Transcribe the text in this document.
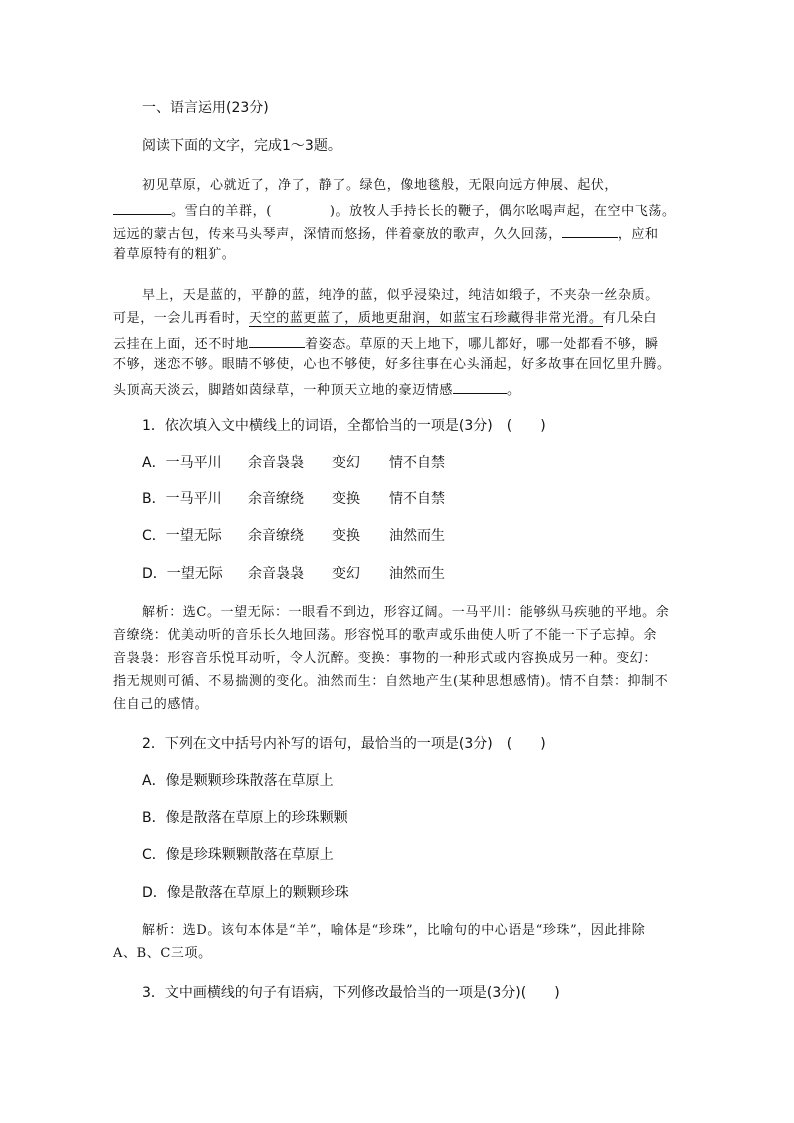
一、语言运用(23分)
阅读下面的文字，完成1～3题。
初见草原，心就近了，净了，静了。绿色，像地毯般，无限向远方伸展、起伏，
。雪白的羊群，(	)。放牧人手持长长的鞭子，偶尔吆喝声起，在空中飞荡。
远远的蒙古包，传来马头琴声，深情而悠扬，伴着豪放的歌声，久久回荡，	，应和
着草原特有的粗犷。
早上，天是蓝的，平静的蓝，纯净的蓝，似乎浸染过，纯洁如缎子，不夹杂一丝杂质。
可是，一会儿再看时，天空的蓝更蓝了，质地更甜润，如蓝宝石珍藏得非常光滑。有几朵白
云挂在上面，还不时地	着姿态。草原的天上地下，哪儿都好，哪一处都看不够，瞬
不够，迷恋不够。眼睛不够使，心也不够使，好多往事在心头涌起，好多故事在回忆里升腾。
头顶高天淡云，脚踏如茵绿草，一种顶天立地的豪迈情感	。
1．依次填入文中横线上的词语，全都恰当的一项是(3分)　(　　)
A．一马平川 余音袅袅 变幻 情不自禁
B．一马平川 余音缭绕 变换 情不自禁
C．一望无际 余音缭绕 变换 油然而生
D．一望无际 余音袅袅 变幻 油然而生
解析：选C。一望无际：一眼看不到边，形容辽阔。一马平川：能够纵马疾驰的平地。余
音缭绕：优美动听的音乐长久地回荡。形容悦耳的歌声或乐曲使人听了不能一下子忘掉。余
音袅袅：形容音乐悦耳动听，令人沉醉。变换：事物的一种形式或内容换成另一种。变幻：
指无规则可循、不易揣测的变化。油然而生：自然地产生(某种思想感情)。情不自禁：抑制不
住自己的感情。
2．下列在文中括号内补写的语句，最恰当的一项是(3分)　(　　)
A．像是颗颗珍珠散落在草原上
B．像是散落在草原上的珍珠颗颗
C．像是珍珠颗颗散落在草原上
D．像是散落在草原上的颗颗珍珠
解析：选D。该句本体是“羊”，喻体是“珍珠”，比喻句的中心语是“珍珠”，因此排除
A、B、C三项。
3．文中画横线的句子有语病，下列修改最恰当的一项是(3分)(　　)
